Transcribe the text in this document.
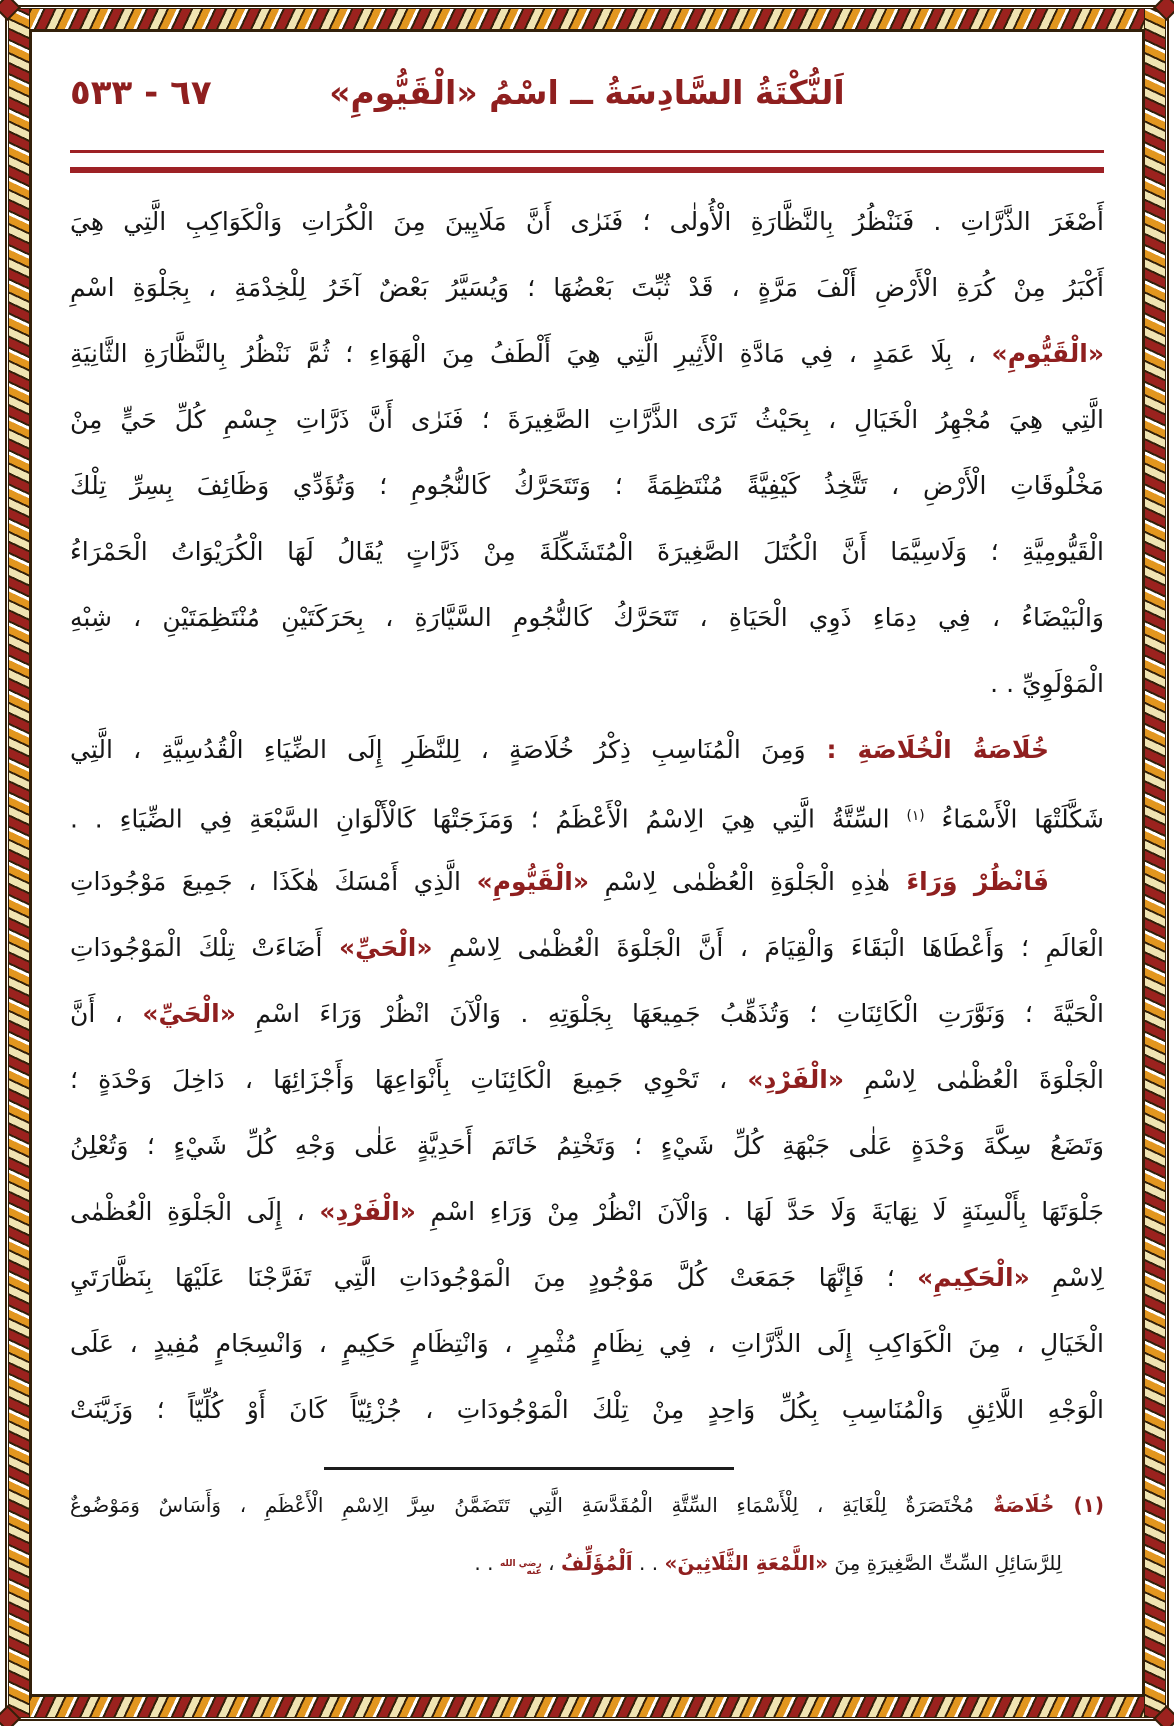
٦٧ - ٥٣٣	اَلنُّكْتَةُ السَّادِسَةُ ــ اسْمُ «الْقَيُّومِ»
أَصْغَرَ الذَّرَّاتِ . فَنَنْظُرُ بِالنَّظَّارَةِ الْأُولٰى ؛ فَنَرٰى أَنَّ مَلَايِينَ مِنَ الْكُرَاتِ وَالْكَوَاكِبِ الَّتِي هِيَ
أَكْبَرُ مِنْ كُرَةِ الْأَرْضِ أَلْفَ مَرَّةٍ ، قَدْ ثُبِّتَ بَعْضُهَا ؛ وَيُسَيَّرُ بَعْضٌ آخَرُ لِلْخِدْمَةِ ، بِجَلْوَةِ اسْمِ
«الْقَيُّومِ» ، بِلَا عَمَدٍ ، فِي مَادَّةِ الْأَثِيرِ الَّتِي هِيَ أَلْطَفُ مِنَ الْهَوَاءِ ؛ ثُمَّ نَنْظُرُ بِالنَّظَّارَةِ الثَّانِيَةِ
الَّتِي هِيَ مُجْهِرُ الْخَيَالِ ، بِحَيْثُ تَرَى الذَّرَّاتِ الصَّغِيرَةَ ؛ فَنَرٰى أَنَّ ذَرَّاتِ جِسْمِ كُلِّ حَيٍّ مِنْ
مَخْلُوقَاتِ الْأَرْضِ ، تَتَّخِذُ كَيْفِيَّةً مُنْتَظِمَةً ؛ وَتَتَحَرَّكُ كَالنُّجُومِ ؛ وَتُؤَدِّي وَظَائِفَ بِسِرِّ تِلْكَ
الْقَيُّومِيَّةِ ؛ وَلَاسِيَّمَا أَنَّ الْكُتَلَ الصَّغِيرَةَ الْمُتَشَكِّلَةَ مِنْ ذَرَّاتٍ يُقَالُ لَهَا الْكُرَيْوَاتُ الْحَمْرَاءُ
وَالْبَيْضَاءُ ، فِي دِمَاءِ ذَوِي الْحَيَاةِ ، تَتَحَرَّكُ كَالنُّجُومِ السَّيَّارَةِ ، بِحَرَكَتَيْنِ مُنْتَظِمَتَيْنِ ، شِبْهِ
الْمَوْلَوِيِّ . .
خُلَاصَةُ الْخُلَاصَةِ : وَمِنَ الْمُنَاسِبِ ذِكْرُ خُلَاصَةٍ ، لِلنَّظَرِ إِلَى الضِّيَاءِ الْقُدُسِيَّةِ ، الَّتِي
شَكَّلَتْهَا الْأَسْمَاءُ $^{(١)}$ السِّتَّةُ الَّتِي هِيَ الِاسْمُ الْأَعْظَمُ ؛ وَمَزَجَتْهَا كَالْأَلْوَانِ السَّبْعَةِ فِي الضِّيَاءِ . .
فَانْظُرْ وَرَاءَ هٰذِهِ الْجَلْوَةِ الْعُظْمٰى لِاسْمِ «الْقَيُّومِ» الَّذِي أَمْسَكَ هٰكَذَا ، جَمِيعَ مَوْجُودَاتِ
الْعَالَمِ ؛ وَأَعْطَاهَا الْبَقَاءَ وَالْقِيَامَ ، أَنَّ الْجَلْوَةَ الْعُظْمٰى لِاسْمِ «الْحَيِّ» أَضَاءَتْ تِلْكَ الْمَوْجُودَاتِ
الْحَيَّةَ ؛ وَنَوَّرَتِ الْكَائِنَاتِ ؛ وَتُذَهِّبُ جَمِيعَهَا بِجَلْوَتِهِ . وَالْآنَ انْظُرْ وَرَاءَ اسْمِ «الْحَيِّ» ، أَنَّ
الْجَلْوَةَ الْعُظْمٰى لِاسْمِ «الْفَرْدِ» ، تَحْوِي جَمِيعَ الْكَائِنَاتِ بِأَنْوَاعِهَا وَأَجْزَائِهَا ، دَاخِلَ وَحْدَةٍ ؛
وَتَضَعُ سِكَّةَ وَحْدَةٍ عَلٰى جَبْهَةِ كُلِّ شَيْءٍ ؛ وَتَخْتِمُ خَاتَمَ أَحَدِيَّةٍ عَلٰى وَجْهِ كُلِّ شَيْءٍ ؛ وَتُعْلِنُ
جَلْوَتَهَا بِأَلْسِنَةٍ لَا نِهَايَةَ وَلَا حَدَّ لَهَا . وَالْآنَ انْظُرْ مِنْ وَرَاءِ اسْمِ «الْفَرْدِ» ، إِلَى الْجَلْوَةِ الْعُظْمٰى
لِاسْمِ «الْحَكِيمِ» ؛ فَإِنَّهَا جَمَعَتْ كُلَّ مَوْجُودٍ مِنَ الْمَوْجُودَاتِ الَّتِي تَفَرَّجْنَا عَلَيْهَا بِنَظَّارَتَيِ
الْخَيَالِ ، مِنَ الْكَوَاكِبِ إِلَى الذَّرَّاتِ ، فِي نِظَامٍ مُثْمِرٍ ، وَانْتِظَامٍ حَكِيمٍ ، وَانْسِجَامٍ مُفِيدٍ ، عَلَى
الْوَجْهِ اللَّائِقِ وَالْمُنَاسِبِ بِكُلِّ وَاحِدٍ مِنْ تِلْكَ الْمَوْجُودَاتِ ، جُزْئِيّاً كَانَ أَوْ كُلِّيّاً ؛ وَزَيَّنَتْ
(١) خُلَاصَةٌ مُخْتَصَرَةٌ لِلْغَايَةِ ، لِلْأَسْمَاءِ السِّتَّةِ الْمُقَدَّسَةِ الَّتِي تَتَضَمَّنُ سِرَّ الِاسْمِ الْأَعْظَمِ ، وَأَسَاسٌ وَمَوْضُوعٌ
لِلرَّسَائِلِ السِّتِّ الصَّغِيرَةِ مِنَ «اللَّمْعَةِ الثَّلَاثِينَ» . . اَلْمُؤَلِّفُ ، رضي الله عنه . .
